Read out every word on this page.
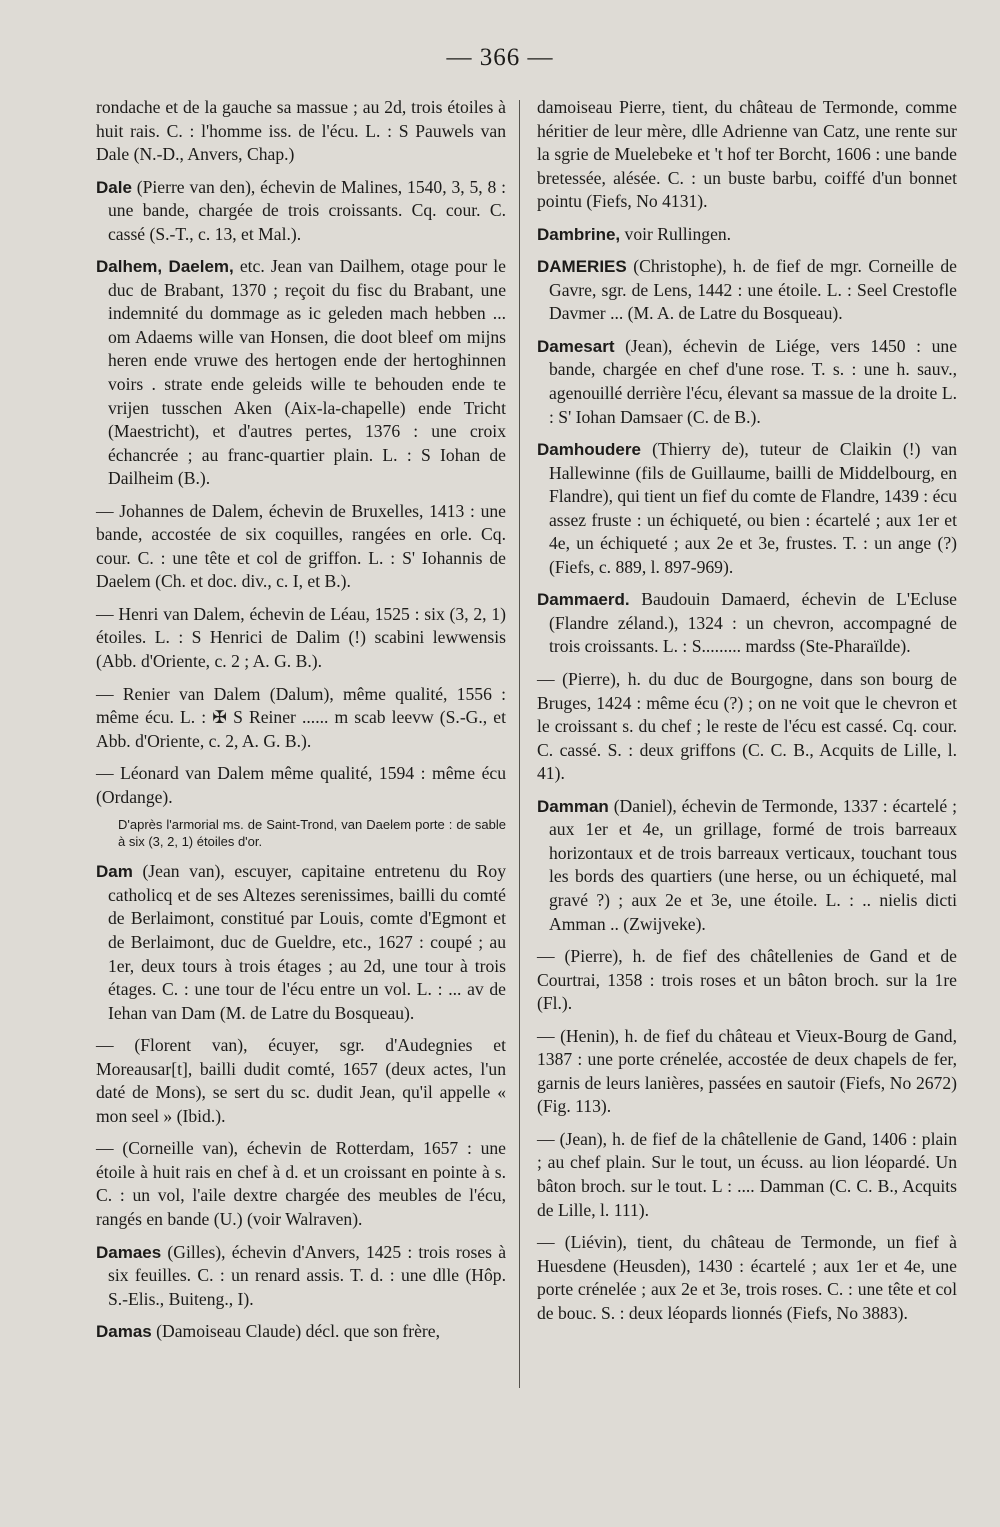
— 366 —

rondache et de la gauche sa massue ; au 2d, trois étoiles à huit rais. C. : l'homme iss. de l'écu. L. : S Pauwels van Dale (N.-D., Anvers, Chap.)

Dale (Pierre van den), échevin de Malines, 1540, 3, 5, 8 : une bande, chargée de trois croissants. Cq. cour. C. cassé (S.-T., c. 13, et Mal.).

Dalhem, Daelem, etc. Jean van Dailhem, otage pour le duc de Brabant, 1370 ; reçoit du fisc du Brabant, une indemnité du dommage as ic geleden mach hebben ... om Adaems wille van Honsen, die doot bleef om mijns heren ende vruwe des hertogen ende der hertoghinnen voirs . strate ende geleids wille te behouden ende te vrijen tusschen Aken (Aix-la-chapelle) ende Tricht (Maestricht), et d'autres pertes, 1376 : une croix échancrée ; au franc-quartier plain. L. : S Iohan de Dailheim (B.).

— Johannes de Dalem, échevin de Bruxelles, 1413 : une bande, accostée de six coquilles, rangées en orle. Cq. cour. C. : une tête et col de griffon. L. : S' Iohannis de Daelem (Ch. et doc. div., c. I, et B.).

— Henri van Dalem, échevin de Léau, 1525 : six (3, 2, 1) étoiles. L. : S Henrici de Dalim (!) scabini lewwensis (Abb. d'Oriente, c. 2 ; A. G. B.).

— Renier van Dalem (Dalum), même qualité, 1556 : même écu. L. : ✠ S Reiner ...... m scab leevw (S.-G., et Abb. d'Oriente, c. 2, A. G. B.).

— Léonard van Dalem même qualité, 1594 : même écu (Ordange).

D'après l'armorial ms. de Saint-Trond, van Daelem porte : de sable à six (3, 2, 1) étoiles d'or.

Dam (Jean van), escuyer, capitaine entretenu du Roy catholicq et de ses Altezes serenissimes, bailli du comté de Berlaimont, constitué par Louis, comte d'Egmont et de Berlaimont, duc de Gueldre, etc., 1627 : coupé ; au 1er, deux tours à trois étages ; au 2d, une tour à trois étages. C. : une tour de l'écu entre un vol. L. : ... av de Iehan van Dam (M. de Latre du Bosqueau).

— (Florent van), écuyer, sgr. d'Audegnies et Moreausar[t], bailli dudit comté, 1657 (deux actes, l'un daté de Mons), se sert du sc. dudit Jean, qu'il appelle « mon seel » (Ibid.).

— (Corneille van), échevin de Rotterdam, 1657 : une étoile à huit rais en chef à d. et un croissant en pointe à s. C. : un vol, l'aile dextre chargée des meubles de l'écu, rangés en bande (U.) (voir Walraven).

Damaes (Gilles), échevin d'Anvers, 1425 : trois roses à six feuilles. C. : un renard assis. T. d. : une dlle (Hôp. S.-Elis., Buiteng., I).

Damas (Damoiseau Claude) décl. que son frère,

damoiseau Pierre, tient, du château de Termonde, comme héritier de leur mère, dlle Adrienne van Catz, une rente sur la sgrie de Muelebeke et 't hof ter Borcht, 1606 : une bande bretessée, alésée. C. : un buste barbu, coiffé d'un bonnet pointu (Fiefs, No 4131).

Dambrine, voir Rullingen.

DAMERIES (Christophe), h. de fief de mgr. Corneille de Gavre, sgr. de Lens, 1442 : une étoile. L. : Seel Crestofle Davmer ... (M. A. de Latre du Bosqueau).

Damesart (Jean), échevin de Liége, vers 1450 : une bande, chargée en chef d'une rose. T. s. : une h. sauv., agenouillé derrière l'écu, élevant sa massue de la droite L. : S' Iohan Damsaer (C. de B.).

Damhoudere (Thierry de), tuteur de Claikin (!) van Hallewinne (fils de Guillaume, bailli de Middelbourg, en Flandre), qui tient un fief du comte de Flandre, 1439 : écu assez fruste : un échiqueté, ou bien : écartelé ; aux 1er et 4e, un échiqueté ; aux 2e et 3e, frustes. T. : un ange (?) (Fiefs, c. 889, l. 897-969).

Dammaerd. Baudouin Damaerd, échevin de L'Ecluse (Flandre zéland.), 1324 : un chevron, accompagné de trois croissants. L. : S......... mardss (Ste-Pharaïlde).

— (Pierre), h. du duc de Bourgogne, dans son bourg de Bruges, 1424 : même écu (?) ; on ne voit que le chevron et le croissant s. du chef ; le reste de l'écu est cassé. Cq. cour. C. cassé. S. : deux griffons (C. C. B., Acquits de Lille, l. 41).

Damman (Daniel), échevin de Termonde, 1337 : écartelé ; aux 1er et 4e, un grillage, formé de trois barreaux horizontaux et de trois barreaux verticaux, touchant tous les bords des quartiers (une herse, ou un échiqueté, mal gravé ?) ; aux 2e et 3e, une étoile. L. : .. nielis dicti Amman .. (Zwijveke).

— (Pierre), h. de fief des châtellenies de Gand et de Courtrai, 1358 : trois roses et un bâton broch. sur la 1re (Fl.).

— (Henin), h. de fief du château et Vieux-Bourg de Gand, 1387 : une porte crénelée, accostée de deux chapels de fer, garnis de leurs lanières, passées en sautoir (Fiefs, No 2672) (Fig. 113).

— (Jean), h. de fief de la châtellenie de Gand, 1406 : plain ; au chef plain. Sur le tout, un écuss. au lion léopardé. Un bâton broch. sur le tout. L : .... Damman (C. C. B., Acquits de Lille, l. 111).

— (Liévin), tient, du château de Termonde, un fief à Huesdene (Heusden), 1430 : écartelé ; aux 1er et 4e, une porte crénelée ; aux 2e et 3e, trois roses. C. : une tête et col de bouc. S. : deux léopards lionnés (Fiefs, No 3883).
